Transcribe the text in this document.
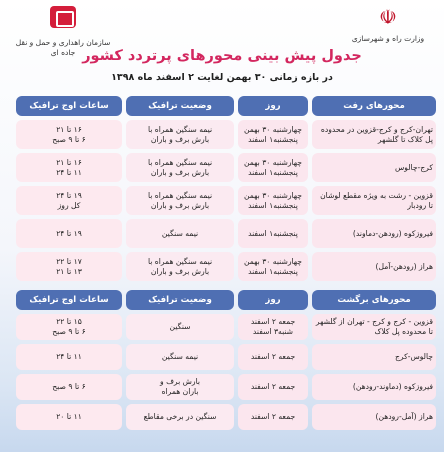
☫
وزارت راه و شهرسازی
سازمان راهداری و حمل و نقل جاده ای جدول پیش بینی محورهای پرتردد کشور
در بازه زمانی ۳۰ بهمن لغایت ۲ اسفند ماه ۱۳۹۸
محورهای رفت
روز
وضعیت ترافیک
ساعات اوج ترافیک
تهران-کرج و کرج-قزوین در محدوده پل کلاک تا گلشهر
چهارشنبه ۳۰ بهمن
پنجشنبه۱ اسفند
نیمه سنگین همراه با
بارش برف و باران
۱۶ تا ۲۱
۶ تا ۹ صبح
کرج-چالوس
چهارشنبه ۳۰ بهمن
پنجشنبه۱ اسفند
نیمه سنگین همراه با
بارش برف و باران
۱۶ تا ۲۱
۱۱ تا ۲۴
قزوین - رشت به ویژه مقطع لوشان تا رودبار
چهارشنبه ۳۰ بهمن
پنجشنبه۱ اسفند
نیمه سنگین همراه با
بارش برف و باران
۱۹ تا ۲۴
کل روز
فیروزکوه (رودهن-دماوند)
پنجشنبه۱ اسفند
نیمه سنگین
۱۹ تا ۲۴
هراز (رودهن-آمل)
چهارشنبه ۳۰ بهمن
پنجشنبه۱ اسفند
نیمه سنگین همراه با
بارش برف و باران
۱۷ تا ۲۲
۱۳ تا ۲۱
محورهای برگشت
روز
وضعیت ترافیک
ساعات اوج ترافیک
قزوین - کرج و کرج - تهران از گلشهر تا محدوده پل کلاک
جمعه ۲ اسفند
شنبه۳ اسفند
سنگین
۱۵ تا ۲۲
۶ تا ۹ صبح
چالوس-کرج
جمعه ۲ اسفند
نیمه سنگین
۱۱ تا ۲۴
فیروزکوه (دماوند-رودهن)
جمعه ۲ اسفند
بارش برف و
باران همراه
۶ تا ۹ صبح
هراز (آمل-رودهن)
جمعه ۲ اسفند
سنگین در برخی مقاطع
۱۱ تا ۲۰
